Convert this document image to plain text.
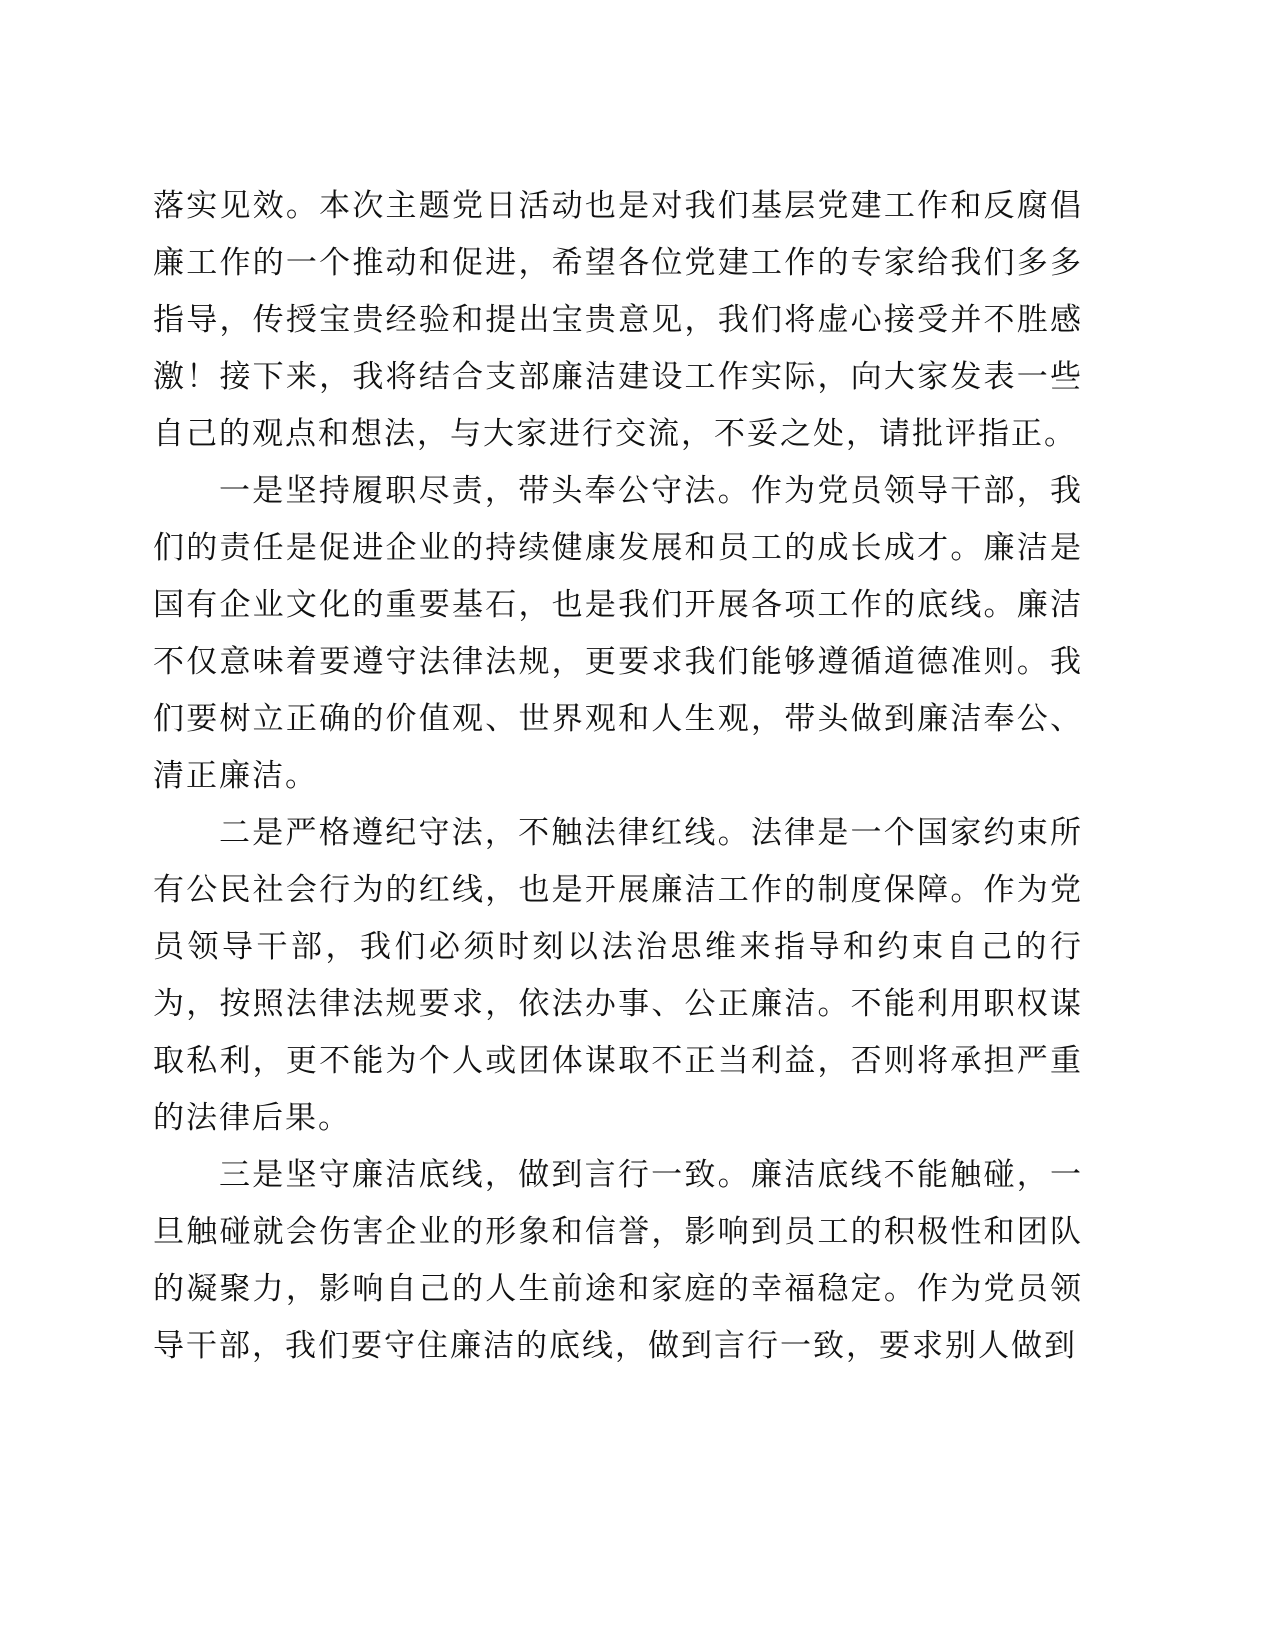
落实见效。本次主题党日活动也是对我们基层党建工作和反腐倡廉工作的一个推动和促进，希望各位党建工作的专家给我们多多指导，传授宝贵经验和提出宝贵意见，我们将虚心接受并不胜感激！接下来，我将结合支部廉洁建设工作实际，向大家发表一些自己的观点和想法，与大家进行交流，不妥之处，请批评指正。

一是坚持履职尽责，带头奉公守法。作为党员领导干部，我们的责任是促进企业的持续健康发展和员工的成长成才。廉洁是国有企业文化的重要基石，也是我们开展各项工作的底线。廉洁不仅意味着要遵守法律法规，更要求我们能够遵循道德准则。我们要树立正确的价值观、世界观和人生观，带头做到廉洁奉公、清正廉洁。

二是严格遵纪守法，不触法律红线。法律是一个国家约束所有公民社会行为的红线，也是开展廉洁工作的制度保障。作为党员领导干部，我们必须时刻以法治思维来指导和约束自己的行为，按照法律法规要求，依法办事、公正廉洁。不能利用职权谋取私利，更不能为个人或团体谋取不正当利益，否则将承担严重的法律后果。

三是坚守廉洁底线，做到言行一致。廉洁底线不能触碰，一旦触碰就会伤害企业的形象和信誉，影响到员工的积极性和团队的凝聚力，影响自己的人生前途和家庭的幸福稳定。作为党员领导干部，我们要守住廉洁的底线，做到言行一致，要求别人做到
